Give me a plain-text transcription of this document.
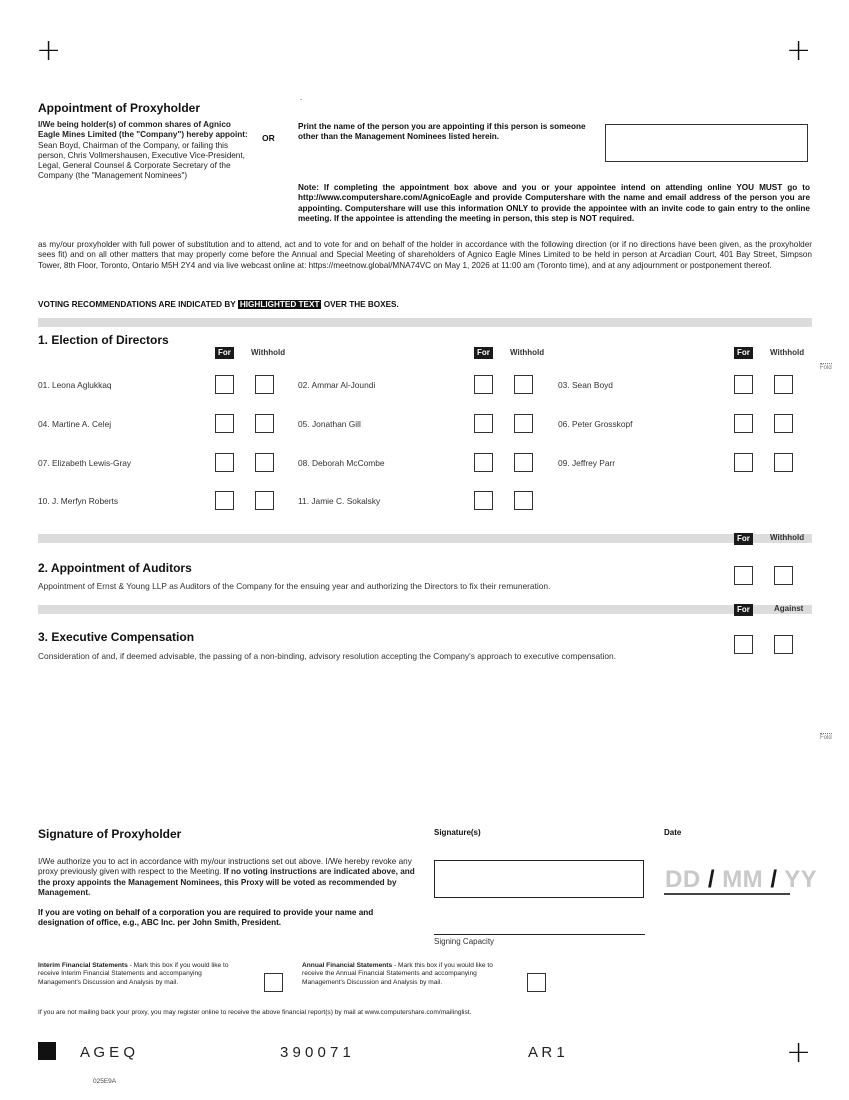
+	+
+
Appointment of Proxyholder
I/We being holder(s) of common shares of Agnico Eagle Mines Limited (the "Company") hereby appoint: Sean Boyd, Chairman of the Company, or failing this person, Chris Vollmershausen, Executive Vice-President, Legal, General Counsel & Corporate Secretary of the Company (the "Management Nominees")
OR
Print the name of the person you are appointing if this person is someone other than the Management Nominees listed herein.
.
Note: If completing the appointment box above and you or your appointee intend on attending online YOU MUST go to http://www.computershare.com/AgnicoEagle and provide Computershare with the name and email address of the person you are appointing. Computershare will use this information ONLY to provide the appointee with an invite code to gain entry to the online meeting. If the appointee is attending the meeting in person, this step is NOT required.
as my/our proxyholder with full power of substitution and to attend, act and to vote for and on behalf of the holder in accordance with the following direction (or if no directions have been given, as the proxyholder sees fit) and on all other matters that may properly come before the Annual and Special Meeting of shareholders of Agnico Eagle Mines Limited to be held in person at Arcadian Court, 401 Bay Street, Simpson Tower, 8th Floor, Toronto, Ontario M5H 2Y4 and via live webcast online at: https://meetnow.global/MNA74VC on May 1, 2026 at 11:00 am (Toronto time), and at any adjournment or postponement thereof.
VOTING RECOMMENDATIONS ARE INDICATED BY HIGHLIGHTED TEXT OVER THE BOXES.
1. Election of Directors
For	Withhold	For	Withhold	For	Withhold
Fold
01. Leona Aglukkaq	02. Ammar Al-Joundi	03. Sean Boyd
04. Martine A. Celej	05. Jonathan Gill	06. Peter Grosskopf
07. Elizabeth Lewis-Gray	08. Deborah McCombe	09. Jeffrey Parr
10. J. Merfyn Roberts	11. Jamie C. Sokalsky
For	Withhold
2. Appointment of Auditors
Appointment of Ernst & Young LLP as Auditors of the Company for the ensuing year and authorizing the Directors to fix their remuneration.
For	Against
3. Executive Compensation
Consideration of and, if deemed advisable, the passing of a non-binding, advisory resolution accepting the Company's approach to executive compensation.
Fold
Signature of Proxyholder
I/We authorize you to act in accordance with my/our instructions set out above. I/We hereby revoke any proxy previously given with respect to the Meeting. If no voting instructions are indicated above, and the proxy appoints the Management Nominees, this Proxy will be voted as recommended by Management.
If you are voting on behalf of a corporation you are required to provide your name and designation of office, e.g., ABC Inc. per John Smith, President.
Signature(s)
Signing Capacity
Date
DD / MM / YY
Interim Financial Statements - Mark this box if you would like to receive Interim Financial Statements and accompanying Management's Discussion and Analysis by mail.
Annual Financial Statements - Mark this box if you would like to receive the Annual Financial Statements and accompanying Management's Discussion and Analysis by mail.
If you are not mailing back your proxy, you may register online to receive the above financial report(s) by mail at www.computershare.com/mailinglist.
A G E Q	3 9 0 0 7 1	A R 1
025E9A
